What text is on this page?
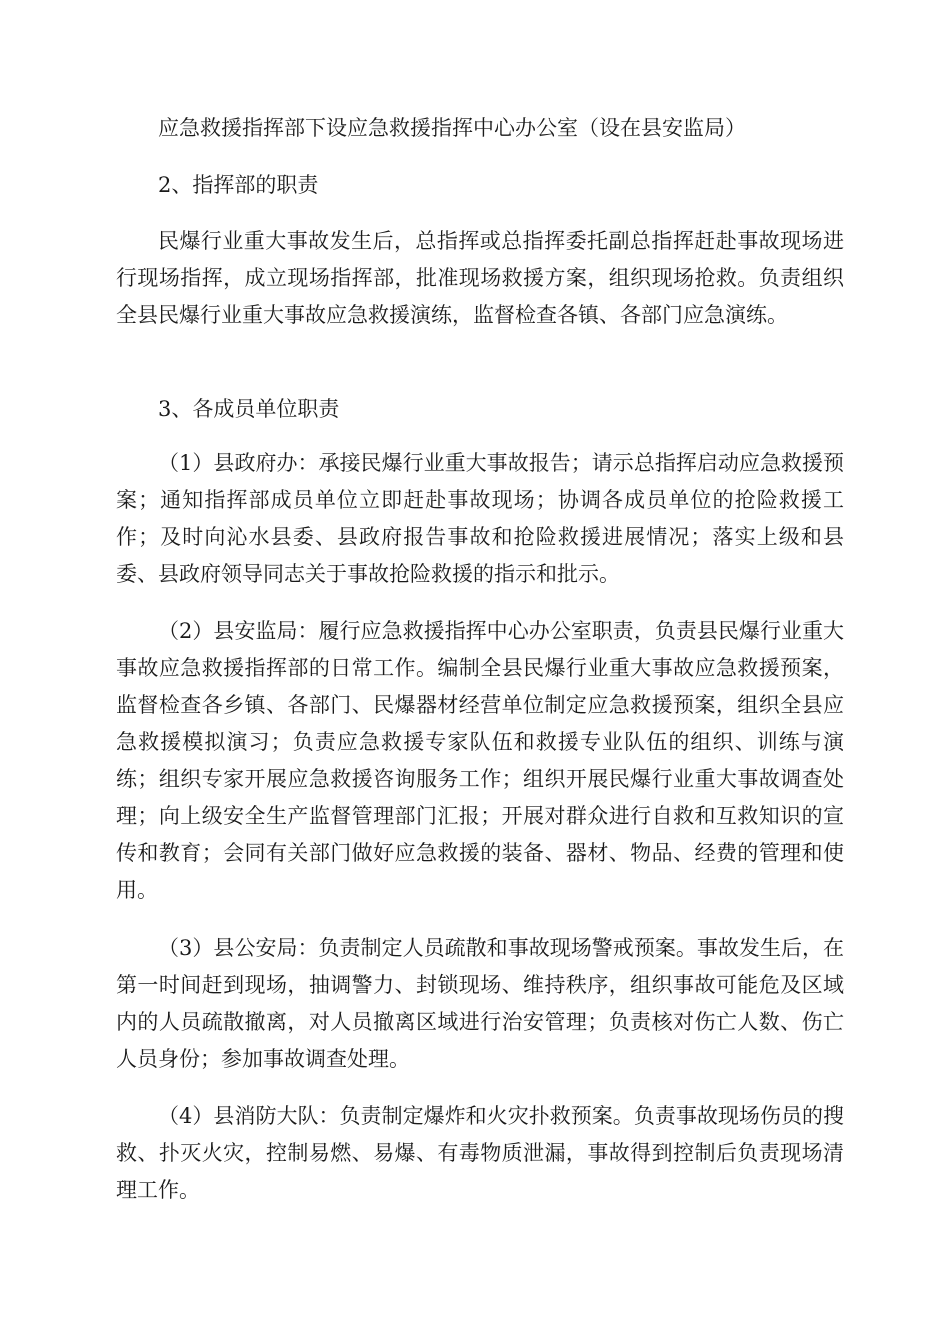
应急救援指挥部下设应急救援指挥中心办公室（设在县安监局）

2、指挥部的职责

民爆行业重大事故发生后，总指挥或总指挥委托副总指挥赶赴事故现场进行现场指挥，成立现场指挥部，批准现场救援方案，组织现场抢救。负责组织全县民爆行业重大事故应急救援演练，监督检查各镇、各部门应急演练。

3、各成员单位职责

（1）县政府办：承接民爆行业重大事故报告；请示总指挥启动应急救援预案；通知指挥部成员单位立即赶赴事故现场；协调各成员单位的抢险救援工作；及时向沁水县委、县政府报告事故和抢险救援进展情况；落实上级和县委、县政府领导同志关于事故抢险救援的指示和批示。

（2）县安监局：履行应急救援指挥中心办公室职责，负责县民爆行业重大事故应急救援指挥部的日常工作。编制全县民爆行业重大事故应急救援预案，监督检查各乡镇、各部门、民爆器材经营单位制定应急救援预案，组织全县应急救援模拟演习；负责应急救援专家队伍和救援专业队伍的组织、训练与演练；组织专家开展应急救援咨询服务工作；组织开展民爆行业重大事故调查处理；向上级安全生产监督管理部门汇报；开展对群众进行自救和互救知识的宣传和教育；会同有关部门做好应急救援的装备、器材、物品、经费的管理和使用。

（3）县公安局：负责制定人员疏散和事故现场警戒预案。事故发生后，在第一时间赶到现场，抽调警力、封锁现场、维持秩序，组织事故可能危及区域内的人员疏散撤离，对人员撤离区域进行治安管理；负责核对伤亡人数、伤亡人员身份；参加事故调查处理。

（4）县消防大队：负责制定爆炸和火灾扑救预案。负责事故现场伤员的搜救、扑灭火灾，控制易燃、易爆、有毒物质泄漏，事故得到控制后负责现场清理工作。
